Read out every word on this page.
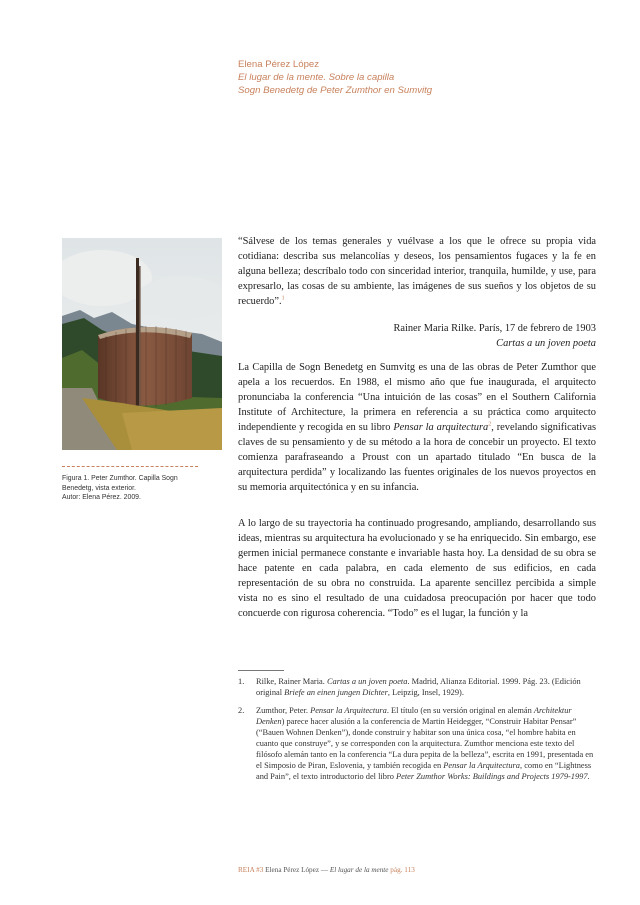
Elena Pérez López
El lugar de la mente. Sobre la capilla
Sogn Benedetg de Peter Zumthor en Sumvitg
Figura 1. Peter Zumthor. Capilla Sogn
Benedetg, vista exterior.
Autor: Elena Pérez. 2009.
“Sálvese de los temas generales y vuélvase a los que le ofrece su propia vida cotidiana: describa sus melancolías y deseos, los pensamientos fugaces y la fe en alguna belleza; descríbalo todo con sinceridad interior, tranquila, humilde, y use, para expresarlo, las cosas de su ambiente, las imágenes de sus sueños y los objetos de su recuerdo”.$^1$
Rainer Maria Rilke. París, 17 de febrero de 1903
Cartas a un joven poeta
La Capilla de Sogn Benedetg en Sumvitg es una de las obras de Peter Zumthor que apela a los recuerdos. En 1988, el mismo año que fue inaugurada, el arquitecto pronunciaba la conferencia “Una intuición de las cosas” en el Southern California Institute of Architecture, la primera en referencia a su práctica como arquitecto independiente y recogida en su libro Pensar la arquitectura$^2$, revelando significativas claves de su pensamiento y de su método a la hora de concebir un proyecto. El texto comienza parafraseando a Proust con un apartado titulado “En busca de la arquitectura perdida” y localizando las fuentes originales de los nuevos proyectos en su memoria arquitectónica y en su infancia.
A lo largo de su trayectoria ha continuado progresando, ampliando, desarrollando sus ideas, mientras su arquitectura ha evolucionado y se ha enriquecido. Sin embargo, ese germen inicial permanece constante e invariable hasta hoy. La densidad de su obra se hace patente en cada palabra, en cada elemento de sus edificios, en cada representación de su obra no construida. La aparente sencillez percibida a simple vista no es sino el resultado de una cuidadosa preocupación por hacer que todo concuerde con rigurosa coherencia. “Todo” es el lugar, la función y la
1. Rilke, Rainer Maria. Cartas a un joven poeta. Madrid, Alianza Editorial. 1999. Pág. 23. (Edición original Briefe an einen jungen Dichter, Leipzig, Insel, 1929).
2. Zumthor, Peter. Pensar la Arquitectura. El título (en su versión original en alemán Architektur Denken) parece hacer alusión a la conferencia de Martin Heidegger, “Construir Habitar Pensar” (“Bauen Wohnen Denken”), donde construir y habitar son una única cosa, “el hombre habita en cuanto que construye”, y se corresponden con la arquitectura. Zumthor menciona este texto del filósofo alemán tanto en la conferencia “La dura pepita de la belleza”, escrita en 1991, presentada en el Simposio de Piran, Eslovenia, y también recogida en Pensar la Arquitectura, como en “Lightness and Pain”, el texto introductorio del libro Peter Zumthor Works: Buildings and Projects 1979-1997.
REIA #3 Elena Pérez López — El lugar de la mente pág. 113
